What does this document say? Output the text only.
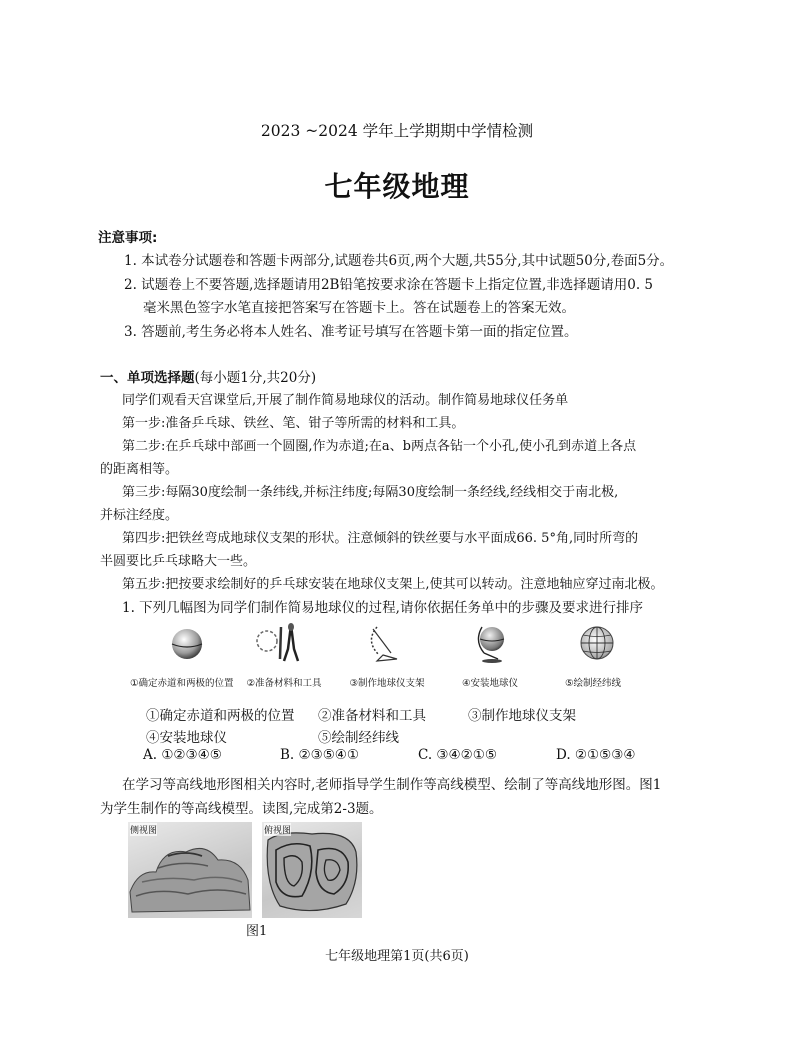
2023 ~2024 学年上学期期中学情检测
七年级地理
注意事项:
1. 本试卷分试题卷和答题卡两部分,试题卷共6页,两个大题,共55分,其中试题50分,卷面5分。
2. 试题卷上不要答题,选择题请用2B铅笔按要求涂在答题卡上指定位置,非选择题请用0. 5
毫米黑色签字水笔直接把答案写在答题卡上。答在试题卷上的答案无效。
3. 答题前,考生务必将本人姓名、准考证号填写在答题卡第一面的指定位置。
一、单项选择题(每小题1分,共20分)
同学们观看天宫课堂后,开展了制作简易地球仪的活动。制作简易地球仪任务单
第一步:准备乒乓球、铁丝、笔、钳子等所需的材料和工具。
第二步:在乒乓球中部画一个圆圈,作为赤道;在a、b两点各钻一个小孔,使小孔到赤道上各点
的距离相等。
第三步:每隔30度绘制一条纬线,并标注纬度;每隔30度绘制一条经线,经线相交于南北极,
并标注经度。
第四步:把铁丝弯成地球仪支架的形状。注意倾斜的铁丝要与水平面成66. 5°角,同时所弯的
半圆要比乒乓球略大一些。
第五步:把按要求绘制好的乒乓球安装在地球仪支架上,使其可以转动。注意地轴应穿过南北极。
1. 下列几幅图为同学们制作简易地球仪的过程,请你依据任务单中的步骤及要求进行排序
①确定赤道和两极的位置	②准备材料和工具	③制作地球仪支架	④安装地球仪	⑤绘制经纬线
①确定赤道和两极的位置 ②准备材料和工具	③制作地球仪支架
④安装地球仪	⑤绘制经纬线
A. ①②③④⑤	B. ②③⑤④①	C. ③④②①⑤	D. ②①⑤③④
在学习等高线地形图相关内容时,老师指导学生制作等高线模型、绘制了等高线地形图。图1
为学生制作的等高线模型。读图,完成第2-3题。
侧视图	俯视图
图1
七年级地理第1页(共6页)
